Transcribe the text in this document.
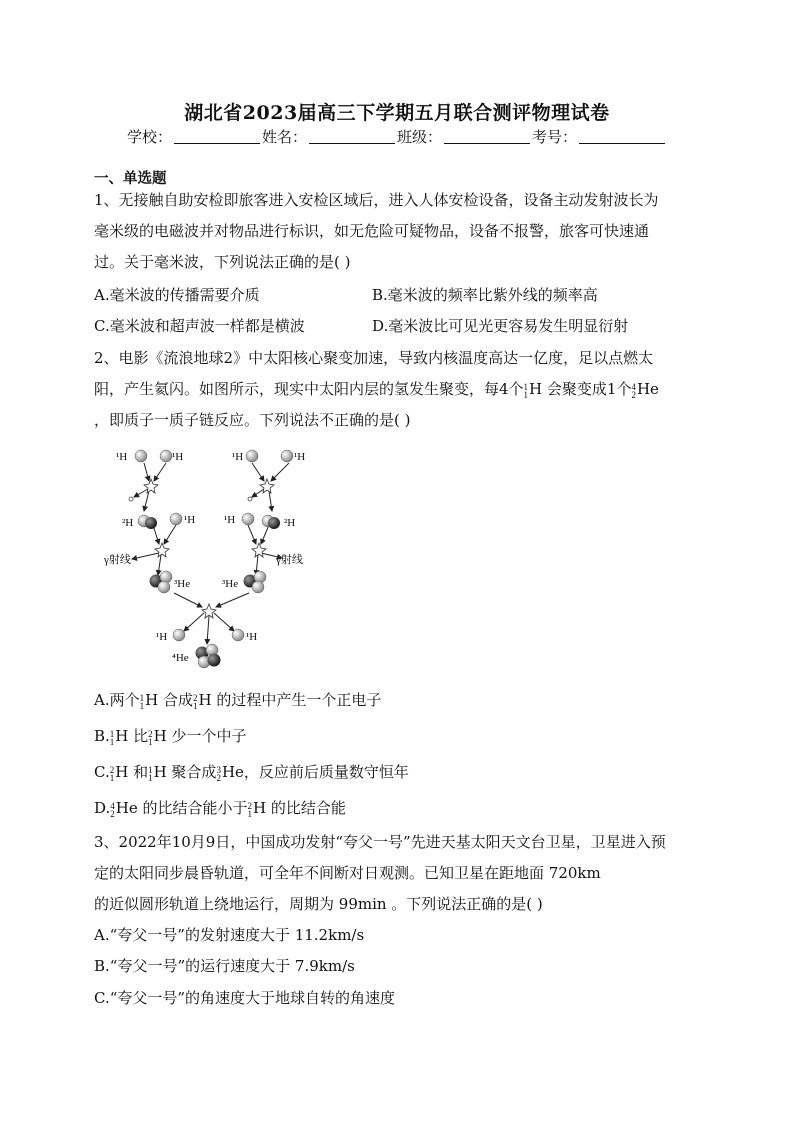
湖北省2023届高三下学期五月联合测评物理试卷
学校：	姓名：	班级：	考号：
一、单选题
1、无接触自助安检即旅客进入安检区域后，进入人体安检设备，设备主动发射波长为
毫米级的电磁波并对物品进行标识，如无危险可疑物品，设备不报警，旅客可快速通
过。关于毫米波，下列说法正确的是( )
A.毫米波的传播需要介质	B.毫米波的频率比紫外线的频率高
C.毫米波和超声波一样都是横波	D.毫米波比可见光更容易发生明显衍射
2、电影《流浪地球2》中太阳核心聚变加速，导致内核温度高达一亿度，足以点燃太
阳，产生氦闪。如图所示，现实中太阳内层的氢发生聚变，每4个 1
1 H 会聚变成1个 4
2 He
，即质子一质子链反应。下列说法不正确的是( )
¹H	¹H	¹H	¹H
²H	¹H	¹H	²H
γ射线	γ射线
³He	³He
¹H	¹H
⁴He
A.两个 1
1 H 合成 2
1 H 的过程中产生一个正电子
B. 1
1 H 比 2
1 H 少一个中子
C. 2
1 H 和 1
1 H 聚合成 3
2 He，反应前后质量数守恒年
D. 4
2 He 的比结合能小于 2
1 H 的比结合能
3、2022年10月9日，中国成功发射“夸父一号”先进天基太阳天文台卫星，卫星进入预
定的太阳同步晨昏轨道，可全年不间断对日观测。已知卫星在距地面 720km
的近似圆形轨道上绕地运行，周期为 99min 。下列说法正确的是( )
A.“夸父一号”的发射速度大于 11.2km/s
B.“夸父一号”的运行速度大于 7.9km/s
C.“夸父一号”的角速度大于地球自转的角速度
